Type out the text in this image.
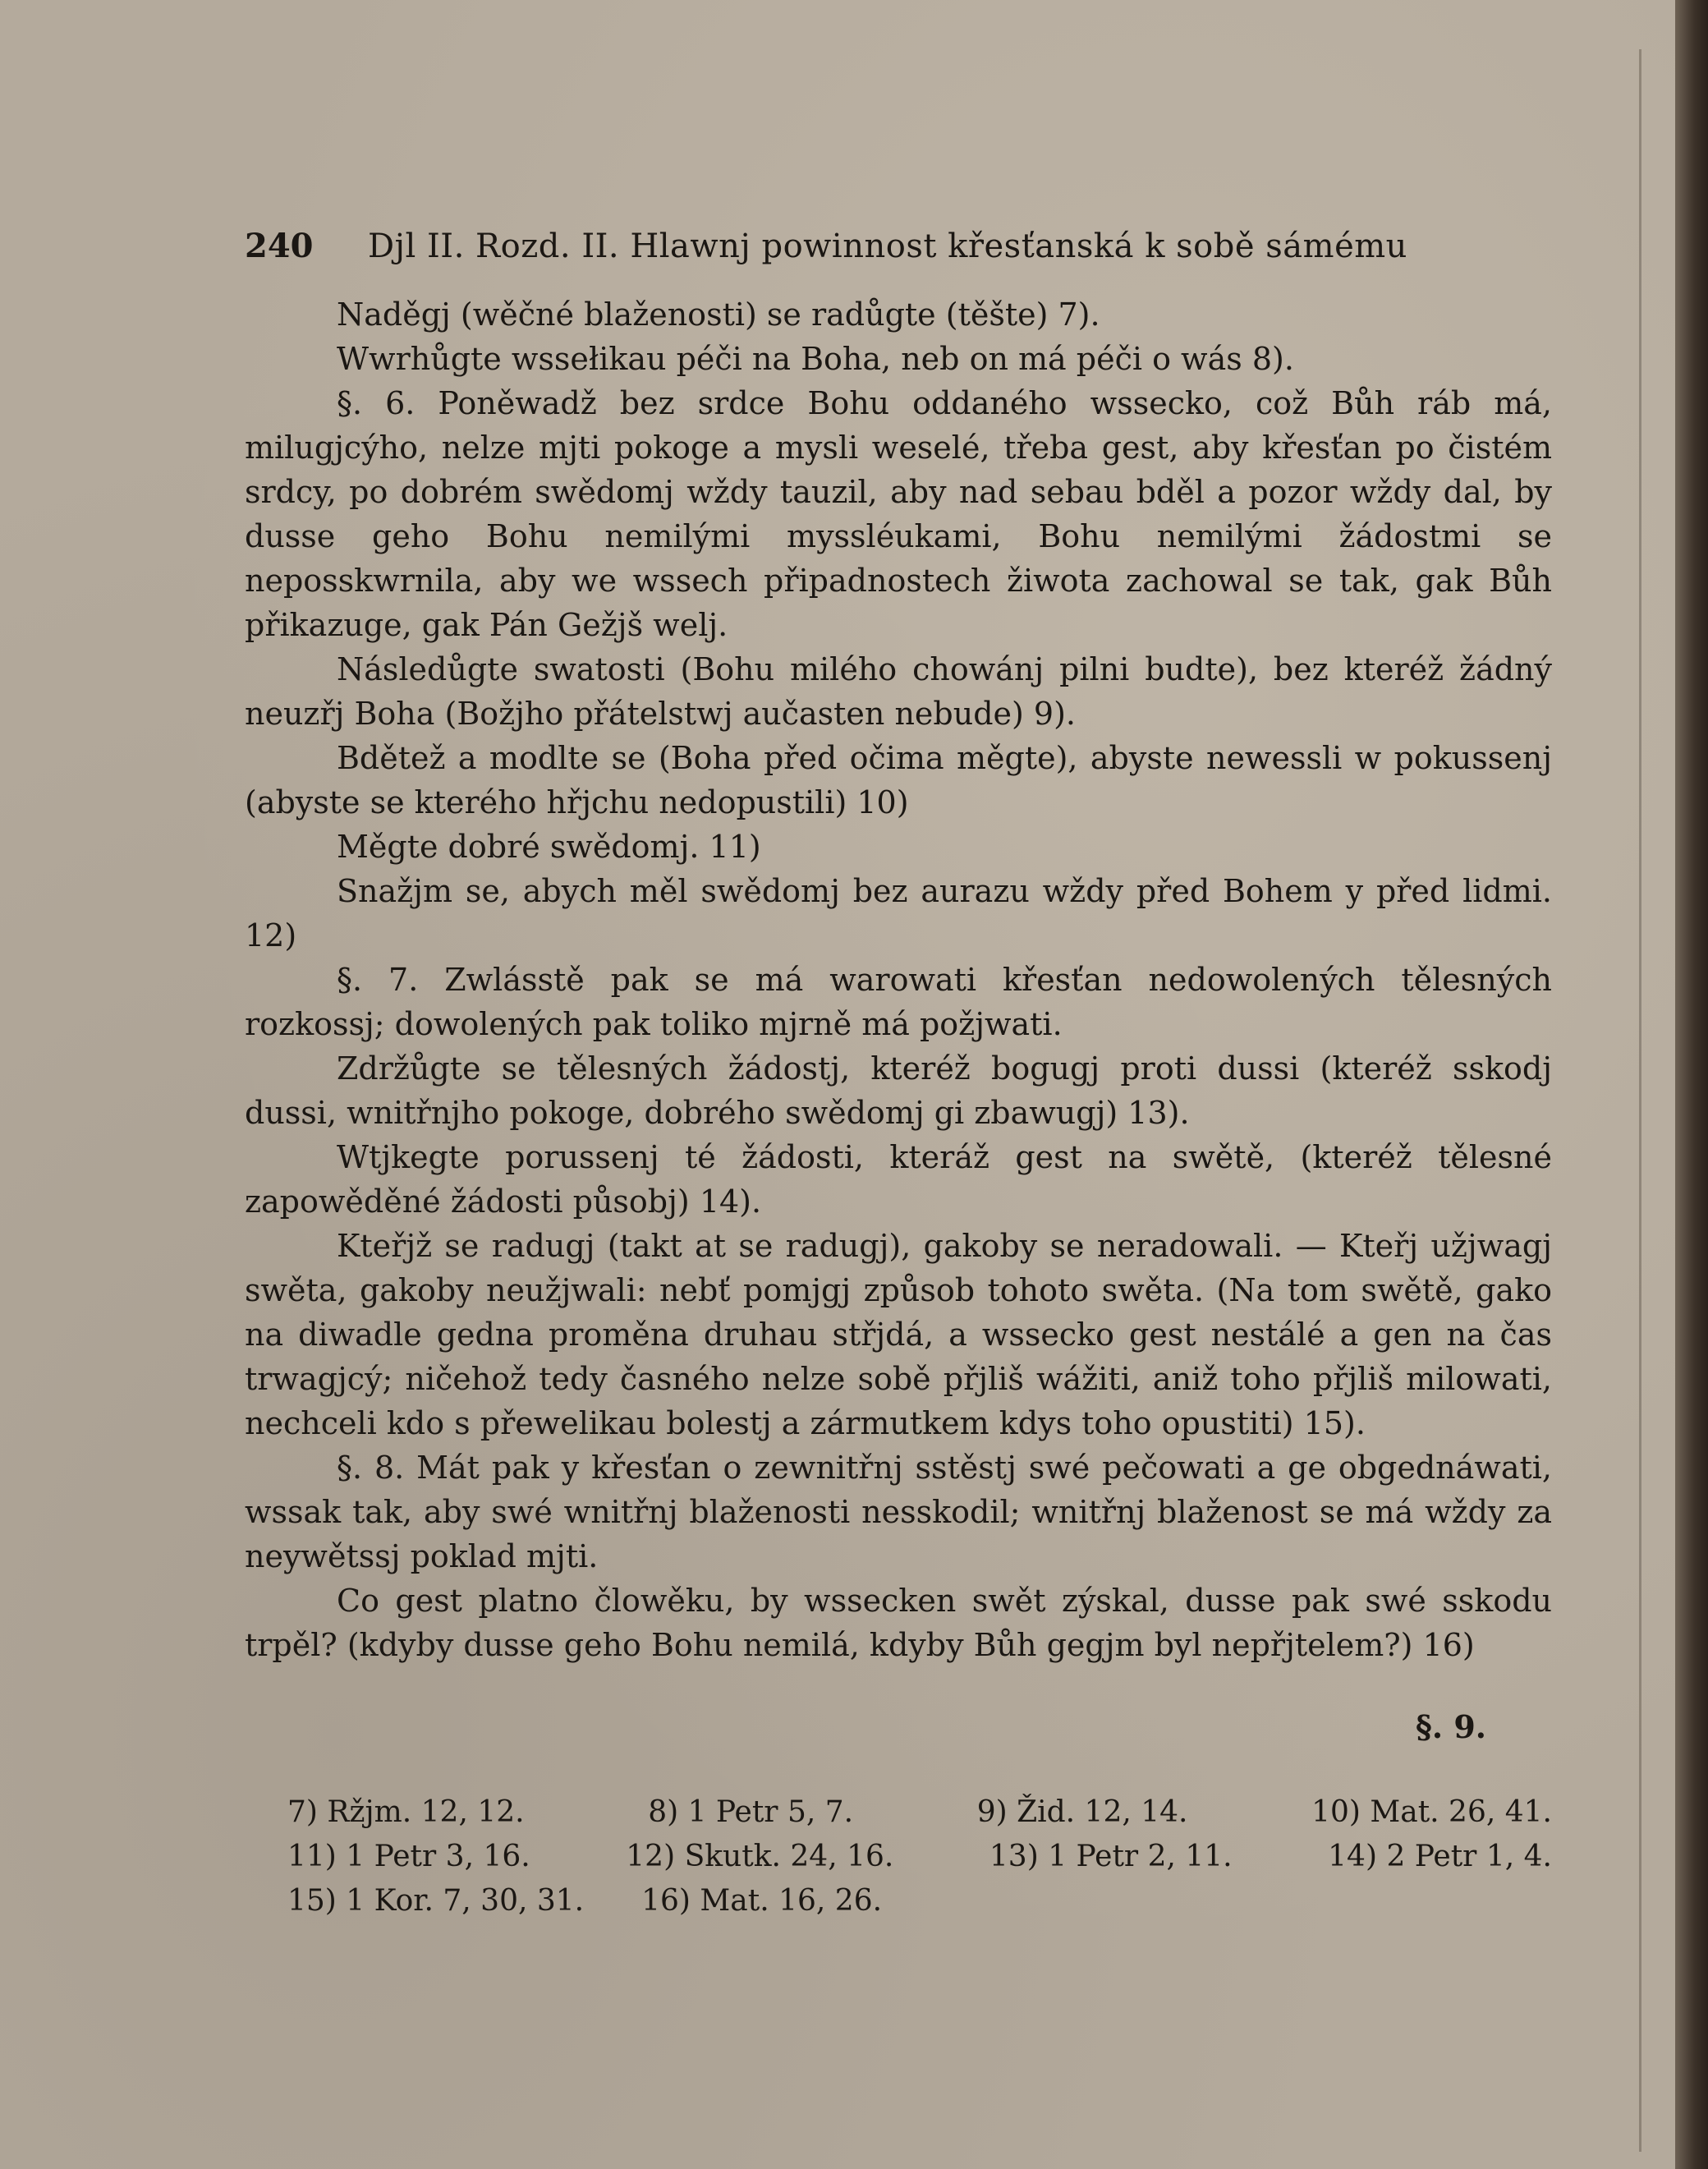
240 Djl II. Rozd. II. Hlawnj powinnost křesťanská k sobě sámému

Naděgj (wěčné blaženosti) se radůgte (těšte) 7).

Wwrhůgte wssełikau péči na Boha, neb on má péči o wás 8).

§. 6. Poněwadž bez srdce Bohu oddaného wssecko, což Bůh ráb má, milugjcýho, nelze mjti pokoge a mysli weselé, třeba gest, aby křesťan po čistém srdcy, po dobrém swědomj wždy tauzil, aby nad sebau bděl a pozor wždy dal, by dusse geho Bohu nemilými myssléukami, Bohu nemilými žádostmi se neposskwrnila, aby we wssech připadnostech žiwota zachowal se tak, gak Bůh přikazuge, gak Pán Gežjš welj.

Následůgte swatosti (Bohu milého chowánj pilni budte), bez kteréž žádný neuzřj Boha (Božjho přátelstwj aučasten nebude) 9).

Bdětež a modlte se (Boha před očima měgte), abyste newessli w pokussenj (abyste se kterého hřjchu nedopustili) 10)

Měgte dobré swědomj. 11)

Snažjm se, abych měl swědomj bez aurazu wždy před Bohem y před lidmi. 12)

§. 7. Zwlásstě pak se má warowati křesťan nedowolených tělesných rozkossj; dowolených pak toliko mjrně má požjwati.

Zdržůgte se tělesných žádostj, kteréž bogugj proti dussi (kteréž sskodj dussi, wnitřnjho pokoge, dobrého swědomj gi zbawugj) 13).

Wtjkegte porussenj té žádosti, kteráž gest na swětě, (kteréž tělesné zapowěděné žádosti působj) 14).

Kteřjž se radugj (takt at se radugj), gakoby se neradowali. — Kteřj užjwagj swěta, gakoby neužjwali: nebť pomjgj způsob tohoto swěta. (Na tom swětě, gako na diwadle gedna proměna druhau střjdá, a wssecko gest nestálé a gen na čas trwagjcý; ničehož tedy časného nelze sobě přjliš wážiti, aniž toho přjliš milowati, nechceli kdo s přewelikau bolestj a zármutkem kdys toho opustiti) 15).

§. 8. Mát pak y křesťan o zewnitřnj sstěstj swé pečowati a ge obgednáwati, wssak tak, aby swé wnitřnj blaženosti nesskodil; wnitřnj blaženost se má wždy za neywětssj poklad mjti.

Co gest platno člowěku, by wssecken swět zýskal, dusse pak swé sskodu trpěl? (kdyby dusse geho Bohu nemilá, kdyby Bůh gegjm byl nepřjtelem?) 16)

§. 9.
7) Ržjm. 12, 12.	8) 1 Petr 5, 7.	9) Žid. 12, 14.	10) Mat. 26, 41.
11) 1 Petr 3, 16.	12) Skutk. 24, 16.	13) 1 Petr 2, 11.	14) 2 Petr 1, 4.
15) 1 Kor. 7, 30, 31. 16) Mat. 16, 26.
